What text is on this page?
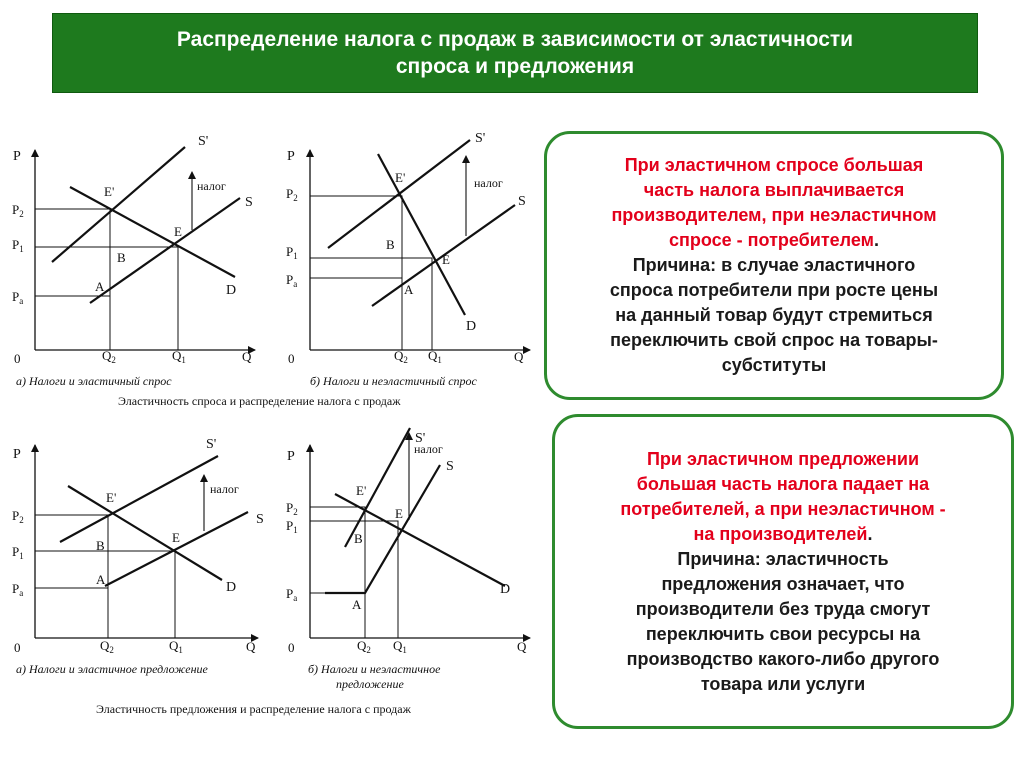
Распределение налога с продаж в зависимости от эластичности
спроса и предложения
P
$P_2$
$P_1$
$P_a$
0	$Q_2$	$Q_1$	Q
S'
S
D
E'
E
A
B
налог
а) Налоги и эластичный спрос
P
$P_2$
$P_1$
$P_a$
0	$Q_2$ $Q_1$	Q
S'
S
D
E'
E
A
B
налог
б) Налоги и неэластичный спрос
Эластичность спроса и распределение налога с продаж
P
$P_2$
$P_1$
$P_a$
0	$Q_2$	$Q_1$	Q
S'
S
D
E'
E
A
B
налог
а) Налоги и эластичное предложение
P
$P_2$
$P_1$
$P_a$
0	$Q_2$ $Q_1$	Q
S'
S
D
E'
E
A
B
налог
б) Налоги и неэластичное
предложение
Эластичность предложения и распределение налога с продаж
При эластичном спросе большая
часть налога выплачивается
производителем, при неэластичном
спросе - потребителем.
Причина: в случае эластичного
спроса потребители при росте цены
на данный товар будут стремиться
переключить свой спрос на товары-
субституты
При эластичном предложении
большая часть налога падает на
потребителей, а при неэластичном -
на производителей.
Причина: эластичность
предложения означает, что
производители без труда смогут
переключить свои ресурсы на
производство какого-либо другого
товара или услуги
